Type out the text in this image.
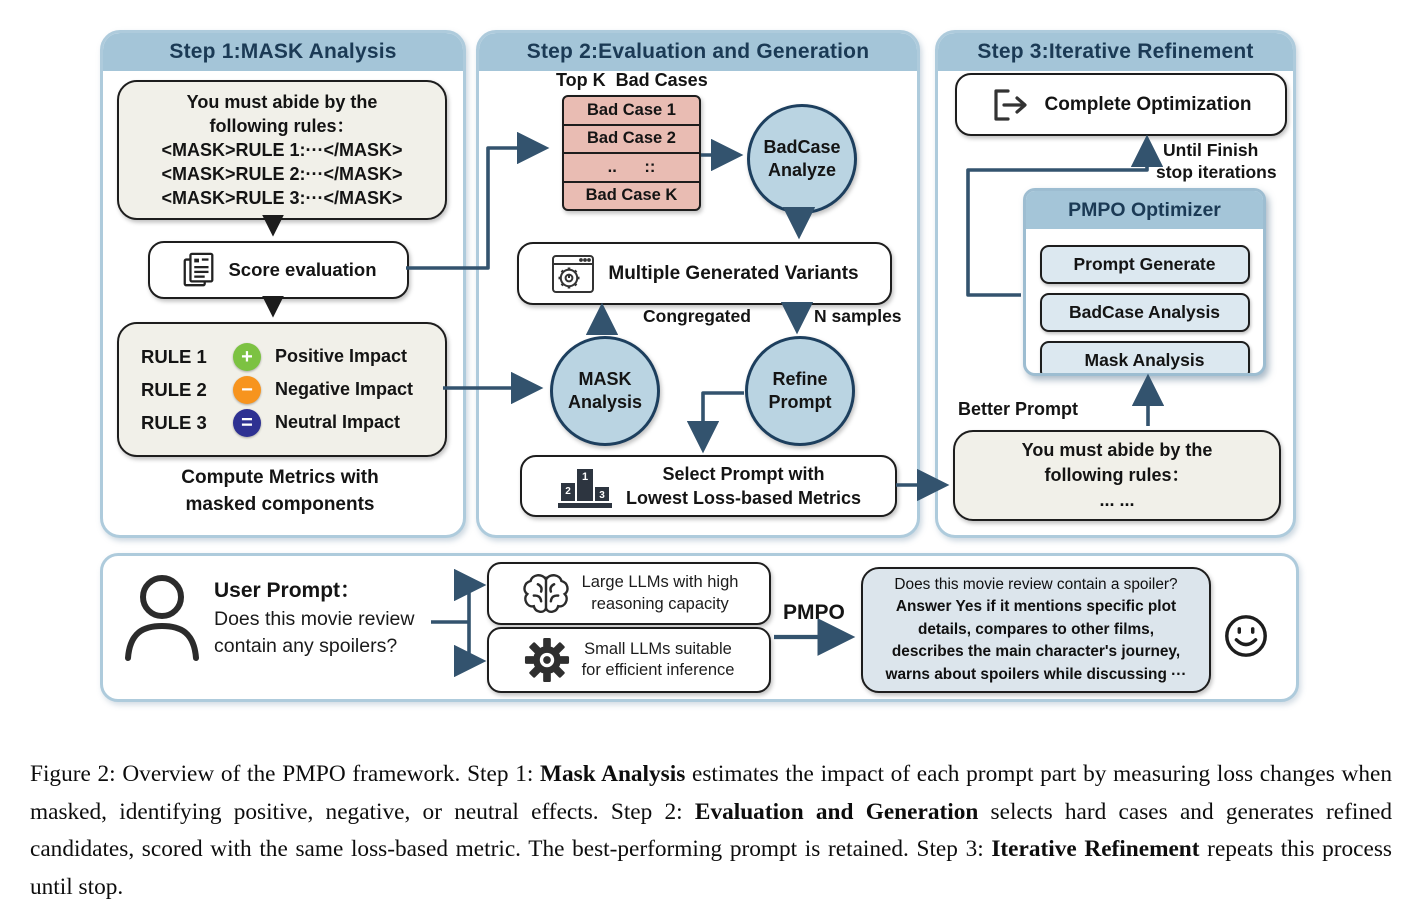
Step 1:MASK Analysis
You must abide by the
following rules：
<MASK>RULE 1:···</MASK>
<MASK>RULE 2:···</MASK>
<MASK>RULE 3:···</MASK>
Score evaluation
RULE 1	+	Positive Impact
RULE 2	−	Negative Impact
RULE 3	=	Neutral Impact
Compute Metrics with
masked components
Step 2:Evaluation and Generation
Top K  Bad Cases
Bad Case 1
Bad Case 2
..      ::
Bad Case K
BadCase
Analyze
Multiple Generated Variants
Congregated	N samples
MASK
Analysis
Refine
Prompt
1
2	3
Select Prompt with
Lowest Loss-based Metrics
Step 3:Iterative Refinement
Complete Optimization
Until Finish
stop iterations
PMPO Optimizer
Prompt Generate
BadCase Analysis
Mask Analysis
Better Prompt
You must abide by the
following rules：
... ...
User Prompt：
Does this movie review
contain any spoilers?
Large LLMs with high
reasoning capacity
Small LLMs suitable
for efficient inference
PMPO
Does this movie review contain a spoiler?
Answer Yes if it mentions specific plot
details, compares to other films,
describes the main character's journey,
warns about spoilers while discussing ···

Figure 2: Overview of the PMPO framework. Step 1: Mask Analysis estimates the impact of each prompt part by measuring loss changes when masked, identifying positive, negative, or neutral effects. Step 2: Evaluation and Generation selects hard cases and generates refined candidates, scored with the same loss-based metric. The best-performing prompt is retained. Step 3: Iterative Refinement repeats this process until stop.
